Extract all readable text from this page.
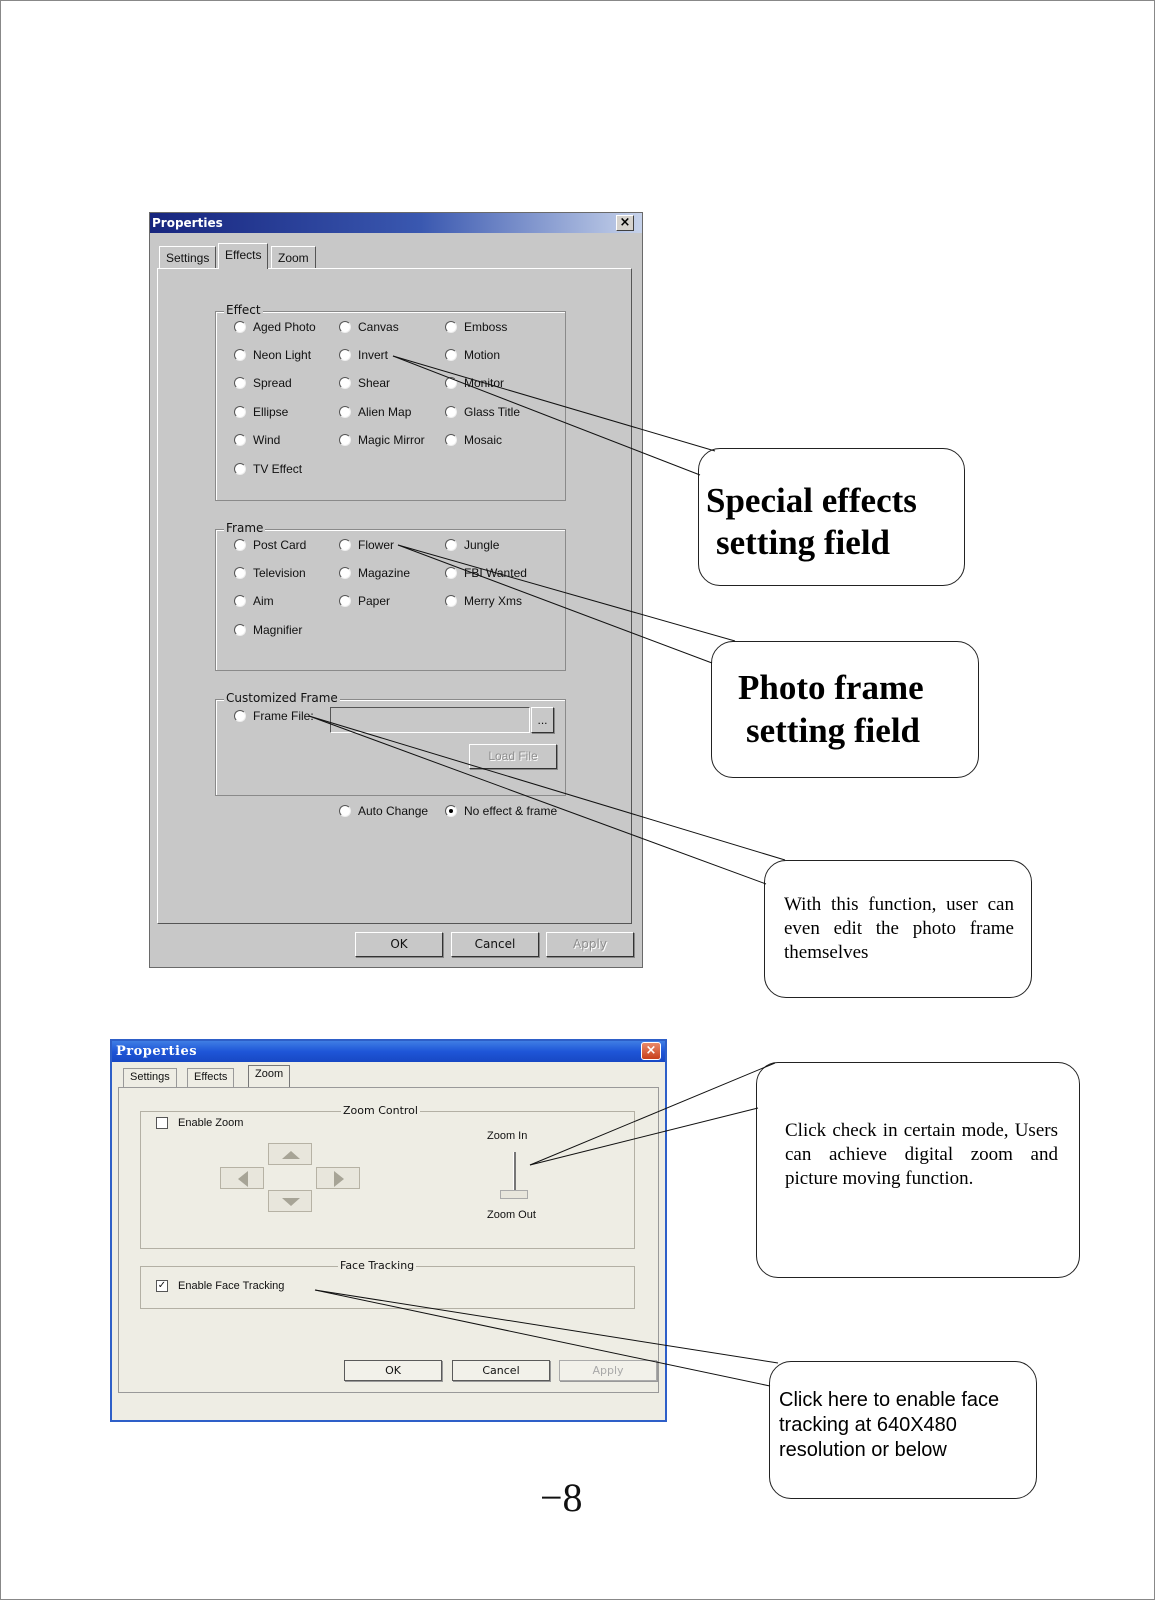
Properties	×
Effect
Frame
Customized Frame
OK	Cancel	Apply
Settings	Effects	Zoom
Aged Photo	Canvas	Emboss
Neon Light	Invert	Motion
Spread	Shear	Monitor
Ellipse	Alien Map	Glass Title
Wind	Magic Mirror	Mosaic
TV Effect
Post Card	Flower	Jungle
Television	Magazine	FBI Wanted
Aim	Paper	Merry Xms
Magnifier
Frame File:	...
Load File
Auto Change	No effect & frame
Properties	×
Zoom Control
Face Tracking
OK	Cancel	Apply
Settings	Effects	Zoom
Enable Zoom
Zoom In
Zoom Out
✓ Enable Face Tracking
Special effects
setting field
Photo frame
setting field
With this function, user can even edit the photo frame themselves
Click check in certain mode, Users can achieve digital zoom and picture moving function.
Click here to enable face tracking at 640X480 resolution or below
−8
